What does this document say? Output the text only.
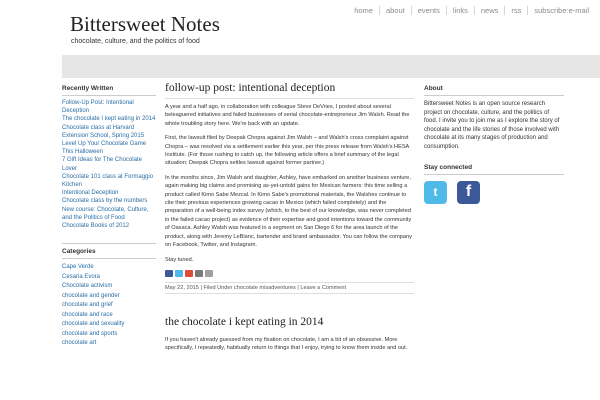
home	about	events	links	news	rss	subscribe:e-mail
Bittersweet Notes
chocolate, culture, and the politics of food
Recently Written
Follow-Up Post: Intentional Deception
The chocolate I kept eating in 2014
Chocolate class at Harvard Extension School, Spring 2015
Level Up Your Chocolate Game This Halloween
7 Gift Ideas for The Chocolate Lover
Chocolate 101 class at Formaggio Kitchen
Intentional Deception
Chocolate class by the numbers
New course: Chocolate, Culture, and the Politics of Food
Chocolate Books of 2012
Categories
Cape Verde
Cesaria Evora
Chocolate activism
chocolate and gender
chocolate and grief
chocolate and race
chocolate and sexuality
chocolate and sports
chocolate art
follow-up post: intentional deception

A year and a half ago, in collaboration with colleague Steve DeVries, I posted about several beleaguered initiatives and failed businesses of serial chocolate-entrepreneur Jim Walsh. Read the whole troubling story here. We're back with an update.

First, the lawsuit filed by Deepak Chopra against Jim Walsh – and Walsh's cross complaint against Chopra – was resolved via a settlement earlier this year, per this press release from Walsh's HESA Institute. (For those rushing to catch up, the following article offers a brief summary of the legal situation: Deepak Chopra settles lawsuit against former partner.)

In the months since, Jim Walsh and daughter, Ashley, have embarked on another business venture, again making big claims and promising as-yet-untold gains for Mexican farmers: this time selling a product called Kimo Sabe Mezcal. In Kimo Sabe's promotional materials, the Walshes continue to cite their previous experiences growing cacao in Mexico (which failed completely) and the preparation of a well-being index survey (which, to the best of our knowledge, was never completed in the failed cacao project) as evidence of their expertise and good intentions toward the community of Oaxaca. Ashley Walsh was featured in a segment on San Diego 6 for the area launch of the product, along with Jeremy LeBlanc, bartender and brand ambassador. You can follow the company on Facebook, Twitter, and Instagram.

Stay tuned.

May 22, 2015 | Filed Under chocolate misadventures | Leave a Comment
the chocolate i kept eating in 2014

If you haven't already guessed from my fixation on chocolate, I am a bit of an obsessive. More specifically, I repeatedly, habitually return to things that I enjoy, trying to know them inside and out.

About

Bittersweet Notes is an open source research project on chocolate, culture, and the politics of food. I invite you to join me as I explore the story of chocolate and the life stories of those involved with chocolate at its many stages of production and consumption.

Stay connected
t	f
